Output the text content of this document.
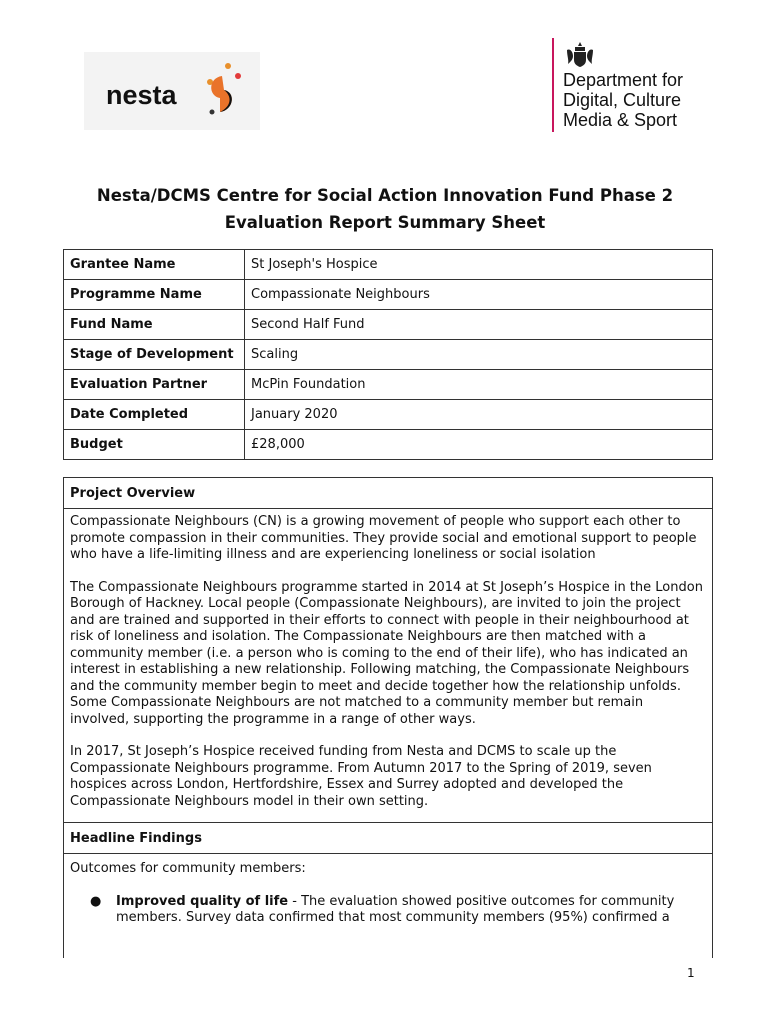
nesta	Department for
Digital, Culture
Media & Sport
Nesta/DCMS Centre for Social Action Innovation Fund Phase 2
Evaluation Report Summary Sheet
Grantee Name	St Joseph's Hospice
Programme Name	Compassionate Neighbours
Fund Name	Second Half Fund
Stage of Development	Scaling
Evaluation Partner	McPin Foundation
Date Completed	January 2020
Budget	£28,000
Project Overview

Compassionate Neighbours (CN) is a growing movement of people who support each other to promote compassion in their communities. They provide social and emotional support to people who have a life-limiting illness and are experiencing loneliness or social isolation

The Compassionate Neighbours programme started in 2014 at St Joseph’s Hospice in the London Borough of Hackney. Local people (Compassionate Neighbours), are invited to join the project and are trained and supported in their efforts to connect with people in their neighbourhood at risk of loneliness and isolation. The Compassionate Neighbours are then matched with a community member (i.e. a person who is coming to the end of their life), who has indicated an interest in establishing a new relationship. Following matching, the Compassionate Neighbours and the community member begin to meet and decide together how the relationship unfolds. Some Compassionate Neighbours are not matched to a community member but remain involved, supporting the programme in a range of other ways.

In 2017, St Joseph’s Hospice received funding from Nesta and DCMS to scale up the Compassionate Neighbours programme. From Autumn 2017 to the Spring of 2019, seven hospices across London, Hertfordshire, Essex and Surrey adopted and developed the Compassionate Neighbours model in their own setting.

Headline Findings
Outcomes for community members:
● Improved quality of life - The evaluation showed positive outcomes for community members. Survey data confirmed that most community members (95%) confirmed a
1
